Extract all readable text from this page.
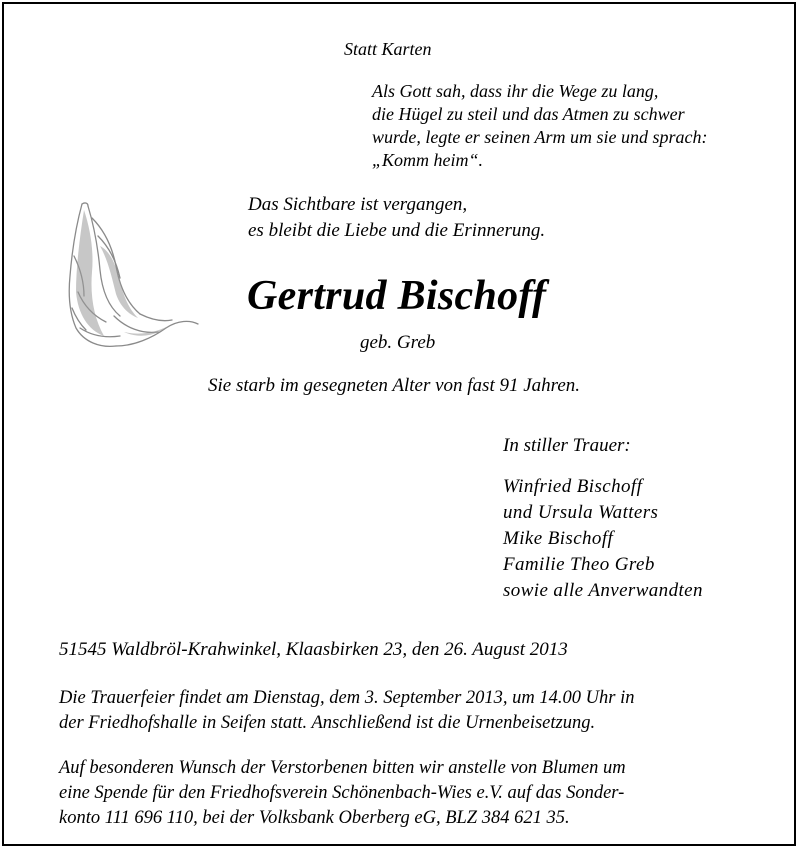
Statt Karten

Als Gott sah, dass ihr die Wege zu lang,
die Hügel zu steil und das Atmen zu schwer
wurde, legte er seinen Arm um sie und sprach:
„Komm heim“.
Das Sichtbare ist vergangen,
es bleibt die Liebe und die Erinnerung.

Gertrud Bischoff

geb. Greb

Sie starb im gesegneten Alter von fast 91 Jahren.

In stiller Trauer:

Winfried Bischoff
und Ursula Watters
Mike Bischoff
Familie Theo Greb
sowie alle Anverwandten

51545 Waldbröl-Krahwinkel, Klaasbirken 23, den 26. August 2013

Die Trauerfeier findet am Dienstag, dem 3. September 2013, um 14.00 Uhr in
der Friedhofshalle in Seifen statt. Anschließend ist die Urnenbeisetzung.
Auf besonderen Wunsch der Verstorbenen bitten wir anstelle von Blumen um
eine Spende für den Friedhofsverein Schönenbach-Wies e.V. auf das Sonder-
konto 111 696 110, bei der Volksbank Oberberg eG, BLZ 384 621 35.
